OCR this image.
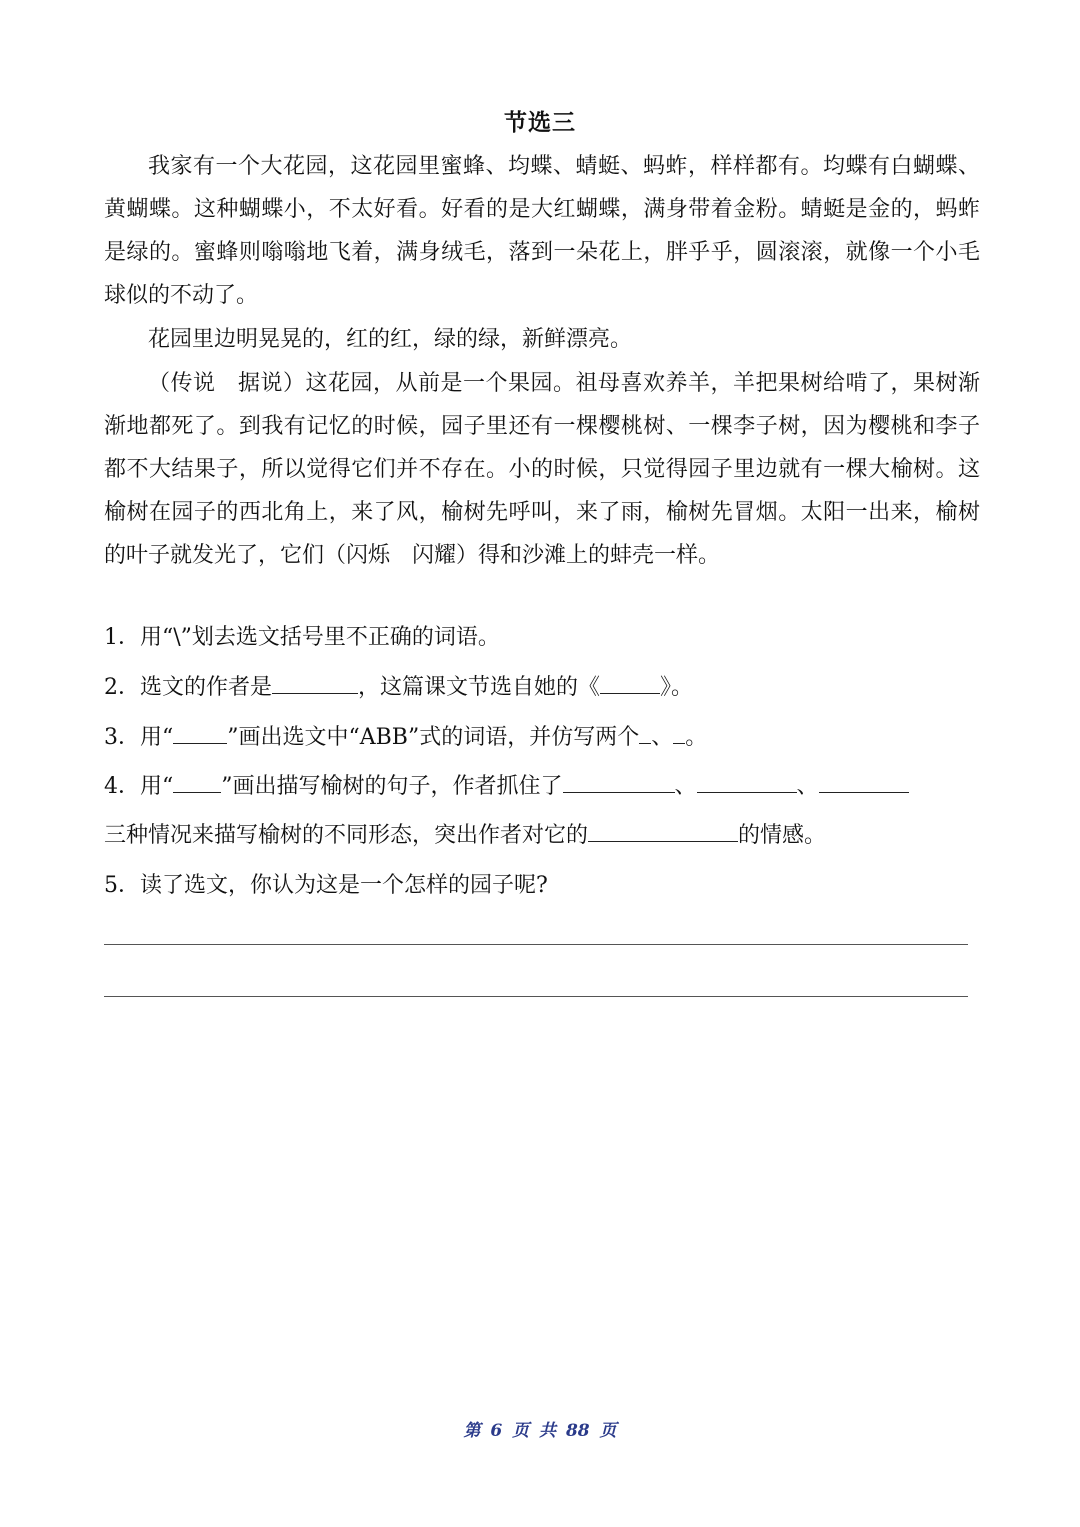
节选三

我家有一个大花园，这花园里蜜蜂、均蝶、蜻蜓、蚂蚱，样样都有。均蝶有白蝴蝶、黄蝴蝶。这种蝴蝶小，不太好看。好看的是大红蝴蝶，满身带着金粉。蜻蜓是金的，蚂蚱是绿的。蜜蜂则嗡嗡地飞着，满身绒毛，落到一朵花上，胖乎乎，圆滚滚，就像一个小毛球似的不动了。

花园里边明晃晃的，红的红，绿的绿，新鲜漂亮。

（传说　据说）这花园，从前是一个果园。祖母喜欢养羊，羊把果树给啃了，果树渐渐地都死了。到我有记忆的时候，园子里还有一棵樱桃树、一棵李子树，因为樱桃和李子都不大结果子，所以觉得它们并不存在。小的时候，只觉得园子里边就有一棵大榆树。这榆树在园子的西北角上，来了风，榆树先呼叫，来了雨，榆树先冒烟。太阳一出来，榆树的叶子就发光了，它们（闪烁　闪耀）得和沙滩上的蚌壳一样。

1．用“\”划去选文括号里不正确的词语。
2．选文的作者是	，这篇课文节选自她的《	》。
3．用“ ”画出选文中“ABB”式的词语，并仿写两个 、 。
4．用“ ”画出描写榆树的句子，作者抓住了	、	、
三种情况来描写榆树的不同形态，突出作者对它的	的情感。
5．读了选文，你认为这是一个怎样的园子呢?
第 6 页 共 88 页
